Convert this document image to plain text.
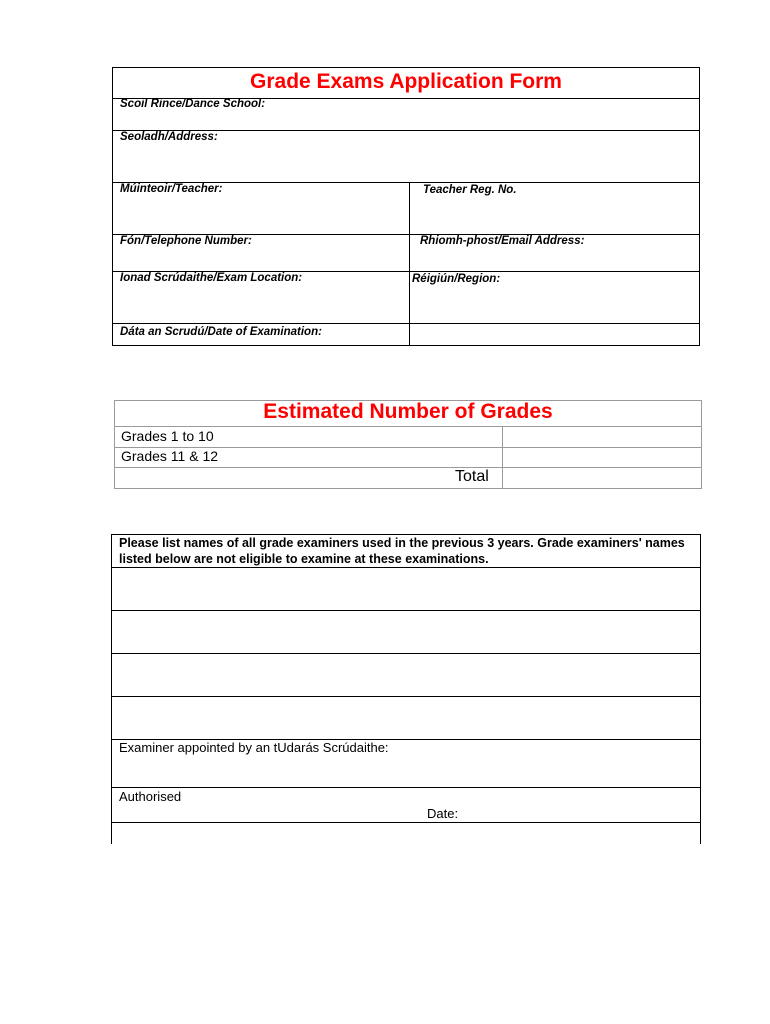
Grade Exams Application Form
Scoil Rince/Dance School:
Seoladh/Address:
Múinteoir/Teacher:	Teacher Reg. No.
Fón/Telephone Number:	Rhiomh-phost/Email Address:
Ionad Scrúdaithe/Exam Location:	Réigiún/Region:
Dáta an Scrudú/Date of Examination:
Estimated Number of Grades
Grades 1 to 10
Grades 11 & 12
Total
Please list names of all grade examiners used in the previous 3 years. Grade examiners' names listed below are not eligible to examine at these examinations.
Examiner appointed by an tUdarás Scrúdaithe:
Authorised
Date:
